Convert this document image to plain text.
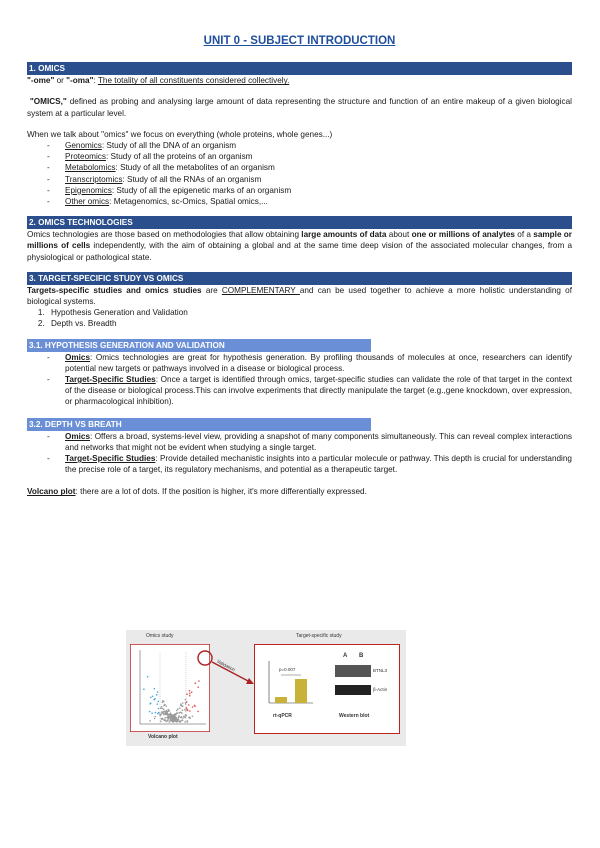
UNIT 0 - SUBJECT INTRODUCTION
1. OMICS

"-ome" or "-oma": The totality of all constituents considered collectively.

"OMICS," defined as probing and analysing large amount of data representing the structure and function of an entire makeup of a given biological system at a particular level.

When we talk about "omics" we focus on everything (whole proteins, whole genes...)

- Genomics: Study of all the DNA of an organism
- Proteomics: Study of all the proteins of an organism
- Metabolomics: Study of all the metabolites of an organism
- Transcriptomics: Study of all the RNAs of an organism
- Epigenomics: Study of all the epigenetic marks of an organism
- Other omics: Metagenomics, sc-Omics, Spatial omics,...
2. OMICS TECHNOLOGIES

Omics technologies are those based on methodologies that allow obtaining large amounts of data about one or millions of analytes of a sample or millions of cells independently, with the aim of obtaining a global and at the same time deep vision of the associated molecular changes, from a physiological or pathological state.

3. TARGET-SPECIFIC STUDY VS OMICS

Targets-specific studies and omics studies are COMPLEMENTARY and can be used together to achieve a more holistic understanding of biological systems.

1. Hypothesis Generation and Validation
2. Depth vs. Breadth
3.1. HYPOTHESIS GENERATION AND VALIDATION
- Omics: Omics technologies are great for hypothesis generation. By profiling thousands of molecules at once, researchers can identify potential new targets or pathways involved in a disease or biological process.
- Target-Specific Studies: Once a target is identified through omics, target-specific studies can validate the role of that target in the context of the disease or biological process.This can involve experiments that directly manipulate the target (e.g.,gene knockdown, over expression, or pharmacological inhibition).
3.2. DEPTH VS BREATH
- Omics: Offers a broad, systems-level view, providing a snapshot of many components simultaneously. This can reveal complex interactions and networks that might not be evident when studying a single target.
- Target-Specific Studies: Provide detailed mechanistic insights into a particular molecule or pathway. This depth is crucial for understanding the precise role of a target, its regulatory mechanisms, and potential as a therapeutic target.

Volcano plot: there are a lot of dots. If the position is higher, it's more differentially expressed.

Omics study	Target-specific study
Volcano plot
Validation	p=0.007
rt-qPCR
A B
BTNL3
β-Actin
Western blot
